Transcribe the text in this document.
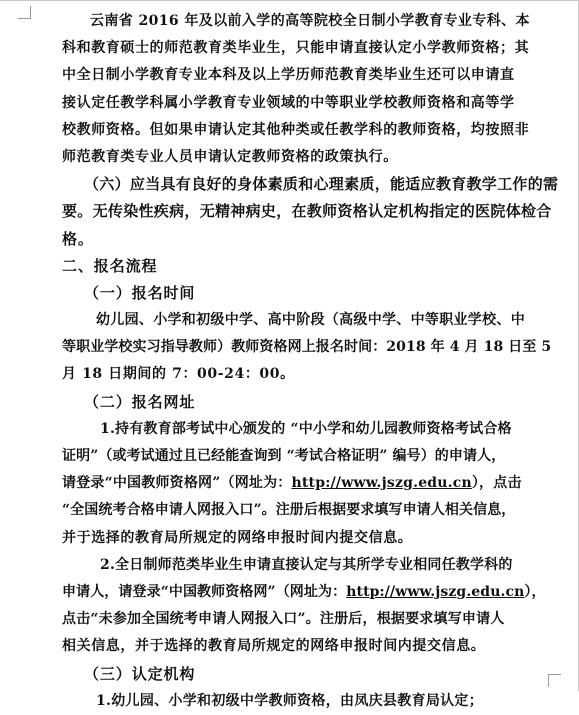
云南省 2016 年及以前入学的高等院校全日制小学教育专业专科、本
科和教育硕士的师范教育类毕业生，只能申请直接认定小学教师资格；其
中全日制小学教育专业本科及以上学历师范教育类毕业生还可以申请直
接认定任教学科属小学教育专业领域的中等职业学校教师资格和高等学
校教师资格。但如果申请认定其他种类或任教学科的教师资格，均按照非
师范教育类专业人员申请认定教师资格的政策执行。
（六）应当具有良好的身体素质和心理素质，能适应教育教学工作的需
要。无传染性疾病，无精神病史，在教师资格认定机构指定的医院体检合
格。
二、报名流程
（一）报名时间
幼儿园、小学和初级中学、高中阶段（高级中学、中等职业学校、中
等职业学校实习指导教师）教师资格网上报名时间：2018 年 4 月 18 日至 5
月 18 日期间的 7：00-24：00。
（二）报名网址
1.持有教育部考试中心颁发的 “中小学和幼儿园教师资格考试合格
证明”（或考试通过且已经能查询到 “考试合格证明” 编号）的申请人，
请登录“中国教师资格网”（网址为：http://www.jszg.edu.cn），点击
“全国统考合格申请人网报入口”。注册后根据要求填写申请人相关信息，
并于选择的教育局所规定的网络申报时间内提交信息。
2.全日制师范类毕业生申请直接认定与其所学专业相同任教学科的
申请人，请登录“中国教师资格网”（网址为：http://www.jszg.edu.cn），
点击“未参加全国统考申请人网报入口”。注册后，根据要求填写申请人
相关信息，并于选择的教育局所规定的网络申报时间内提交信息。
（三）认定机构
1.幼儿园、小学和初级中学教师资格，由凤庆县教育局认定；
